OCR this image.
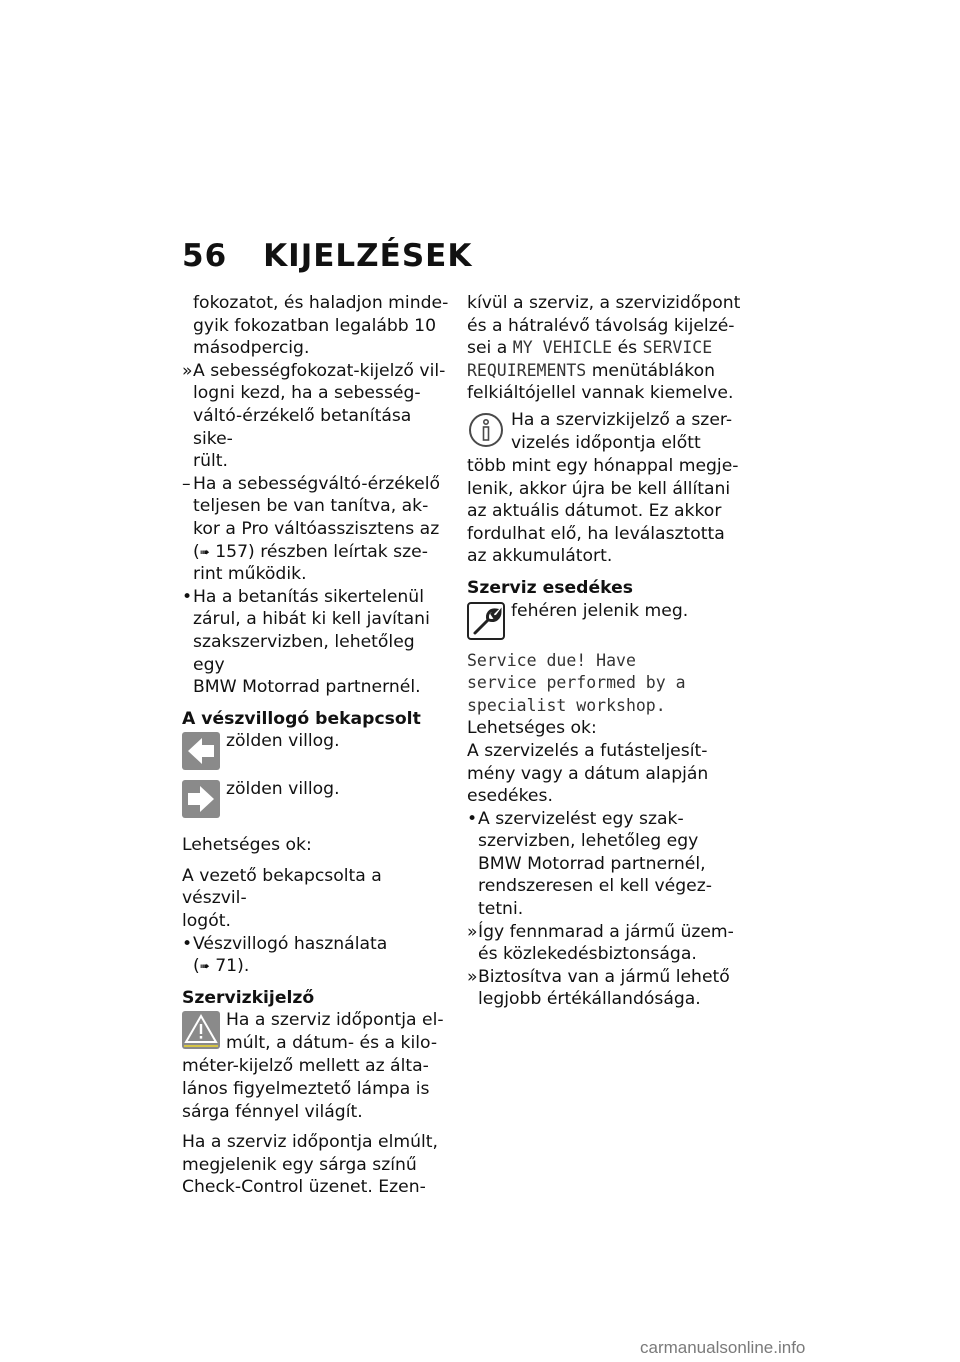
56 KIJELZÉSEK

fokozatot, és haladjon minde-

gyik fokozatban legalább 10

másodpercig.

» A sebességfokozat-kijelző vil-

logni kezd, ha a sebesség-

váltó-érzékelő betanítása sike-

rült.

– Ha a sebességváltó-érzékelő

teljesen be van tanítva, ak-

kor a Pro váltóasszisztens az

(➠ 157) részben leírtak sze-

rint működik.

• Ha a betanítás sikertelenül

zárul, a hibát ki kell javítani

szakszervizben, lehetőleg egy

BMW Motorrad partnernél.

A vészvillogó bekapcsolt

zölden villog.

zölden villog.

Lehetséges ok:

A vezető bekapcsolta a vészvil-

logót.

• Vészvillogó használata

(➠ 71).

Szervizkijelző

Ha a szerviz időpontja el-

múlt, a dátum- és a kilo-

méter-kijelző mellett az álta-

lános figyelmeztető lámpa is

sárga fénnyel világít.

Ha a szerviz időpontja elmúlt,

megjelenik egy sárga színű

Check-Control üzenet. Ezen-

kívül a szerviz, a szervizidőpont

és a hátralévő távolság kijelzé-

sei a MY VEHICLE és SERVICE

REQUIREMENTS menütáblákon

felkiáltójellel vannak kiemelve.

Ha a szervizkijelző a szer-

vizelés időpontja előtt

több mint egy hónappal megje-

lenik, akkor újra be kell állítani

az aktuális dátumot. Ez akkor

fordulhat elő, ha leválasztotta

az akkumulátort.

Szerviz esedékes

fehéren jelenik meg.

Service due! Have

service performed by a

specialist workshop.

Lehetséges ok:

A szervizelés a futásteljesít-

mény vagy a dátum alapján

esedékes.

• A szervizelést egy szak-

szervizben, lehetőleg egy

BMW Motorrad partnernél,

rendszeresen el kell végez-

tetni.

» Így fennmarad a jármű üzem-

és közlekedésbiztonsága.

» Biztosítva van a jármű lehető

legjobb értékállandósága.

carmanualsonline.info
